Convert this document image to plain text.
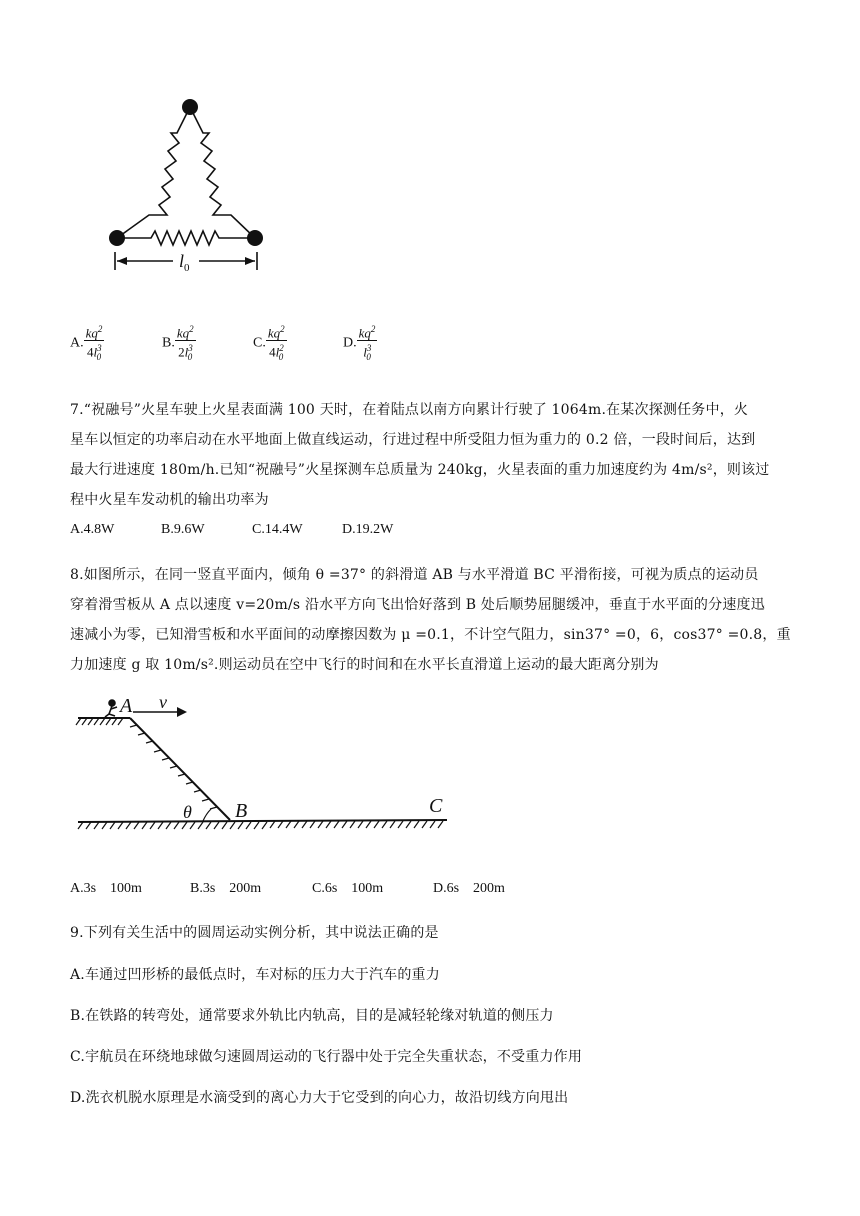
$l_0$
A. $\frac{kq^2}{4l^3_0}$	B. $\frac{kq^2}{2l^3_0}$	C. $\frac{kq^2}{4l^2_0}$	D. $\frac{kq^2}{l^3_0}$
7.“祝融号”火星车驶上火星表面满 100 天时，在着陆点以南方向累计行驶了 1064m.在某次探测任务中，火
星车以恒定的功率启动在水平地面上做直线运动，行进过程中所受阻力恒为重力的 0.2 倍，一段时间后，达到
最大行进速度 180m/h.已知“祝融号”火星探测车总质量为 240kg，火星表面的重力加速度约为 4m/s²，则该过
程中火星车发动机的输出功率为
A.4.8W	B.9.6W	C.14.4W	D.19.2W
8.如图所示，在同一竖直平面内，倾角 θ =37° 的斜滑道 AB 与水平滑道 BC 平滑衔接，可视为质点的运动员
穿着滑雪板从 A 点以速度 v=20m/s 沿水平方向飞出恰好落到 B 处后顺势屈腿缓冲，垂直于水平面的分速度迅
速减小为零，已知滑雪板和水平面间的动摩擦因数为 μ =0.1，不计空气阻力，sin37° =0，6，cos37° =0.8，重
力加速度 g 取 10m/s².则运动员在空中飞行的时间和在水平长直滑道上运动的最大距离分别为
A v
θ B	C
A.3s    100m	B.3s    200m	C.6s    100m	D.6s    200m
9.下列有关生活中的圆周运动实例分析，其中说法正确的是
A.车通过凹形桥的最低点时，车对标的压力大于汽车的重力
B.在铁路的转弯处，通常要求外轨比内轨高，目的是减轻轮缘对轨道的侧压力
C.宇航员在环绕地球做匀速圆周运动的飞行器中处于完全失重状态，不受重力作用
D.洗衣机脱水原理是水滴受到的离心力大于它受到的向心力，故沿切线方向甩出
